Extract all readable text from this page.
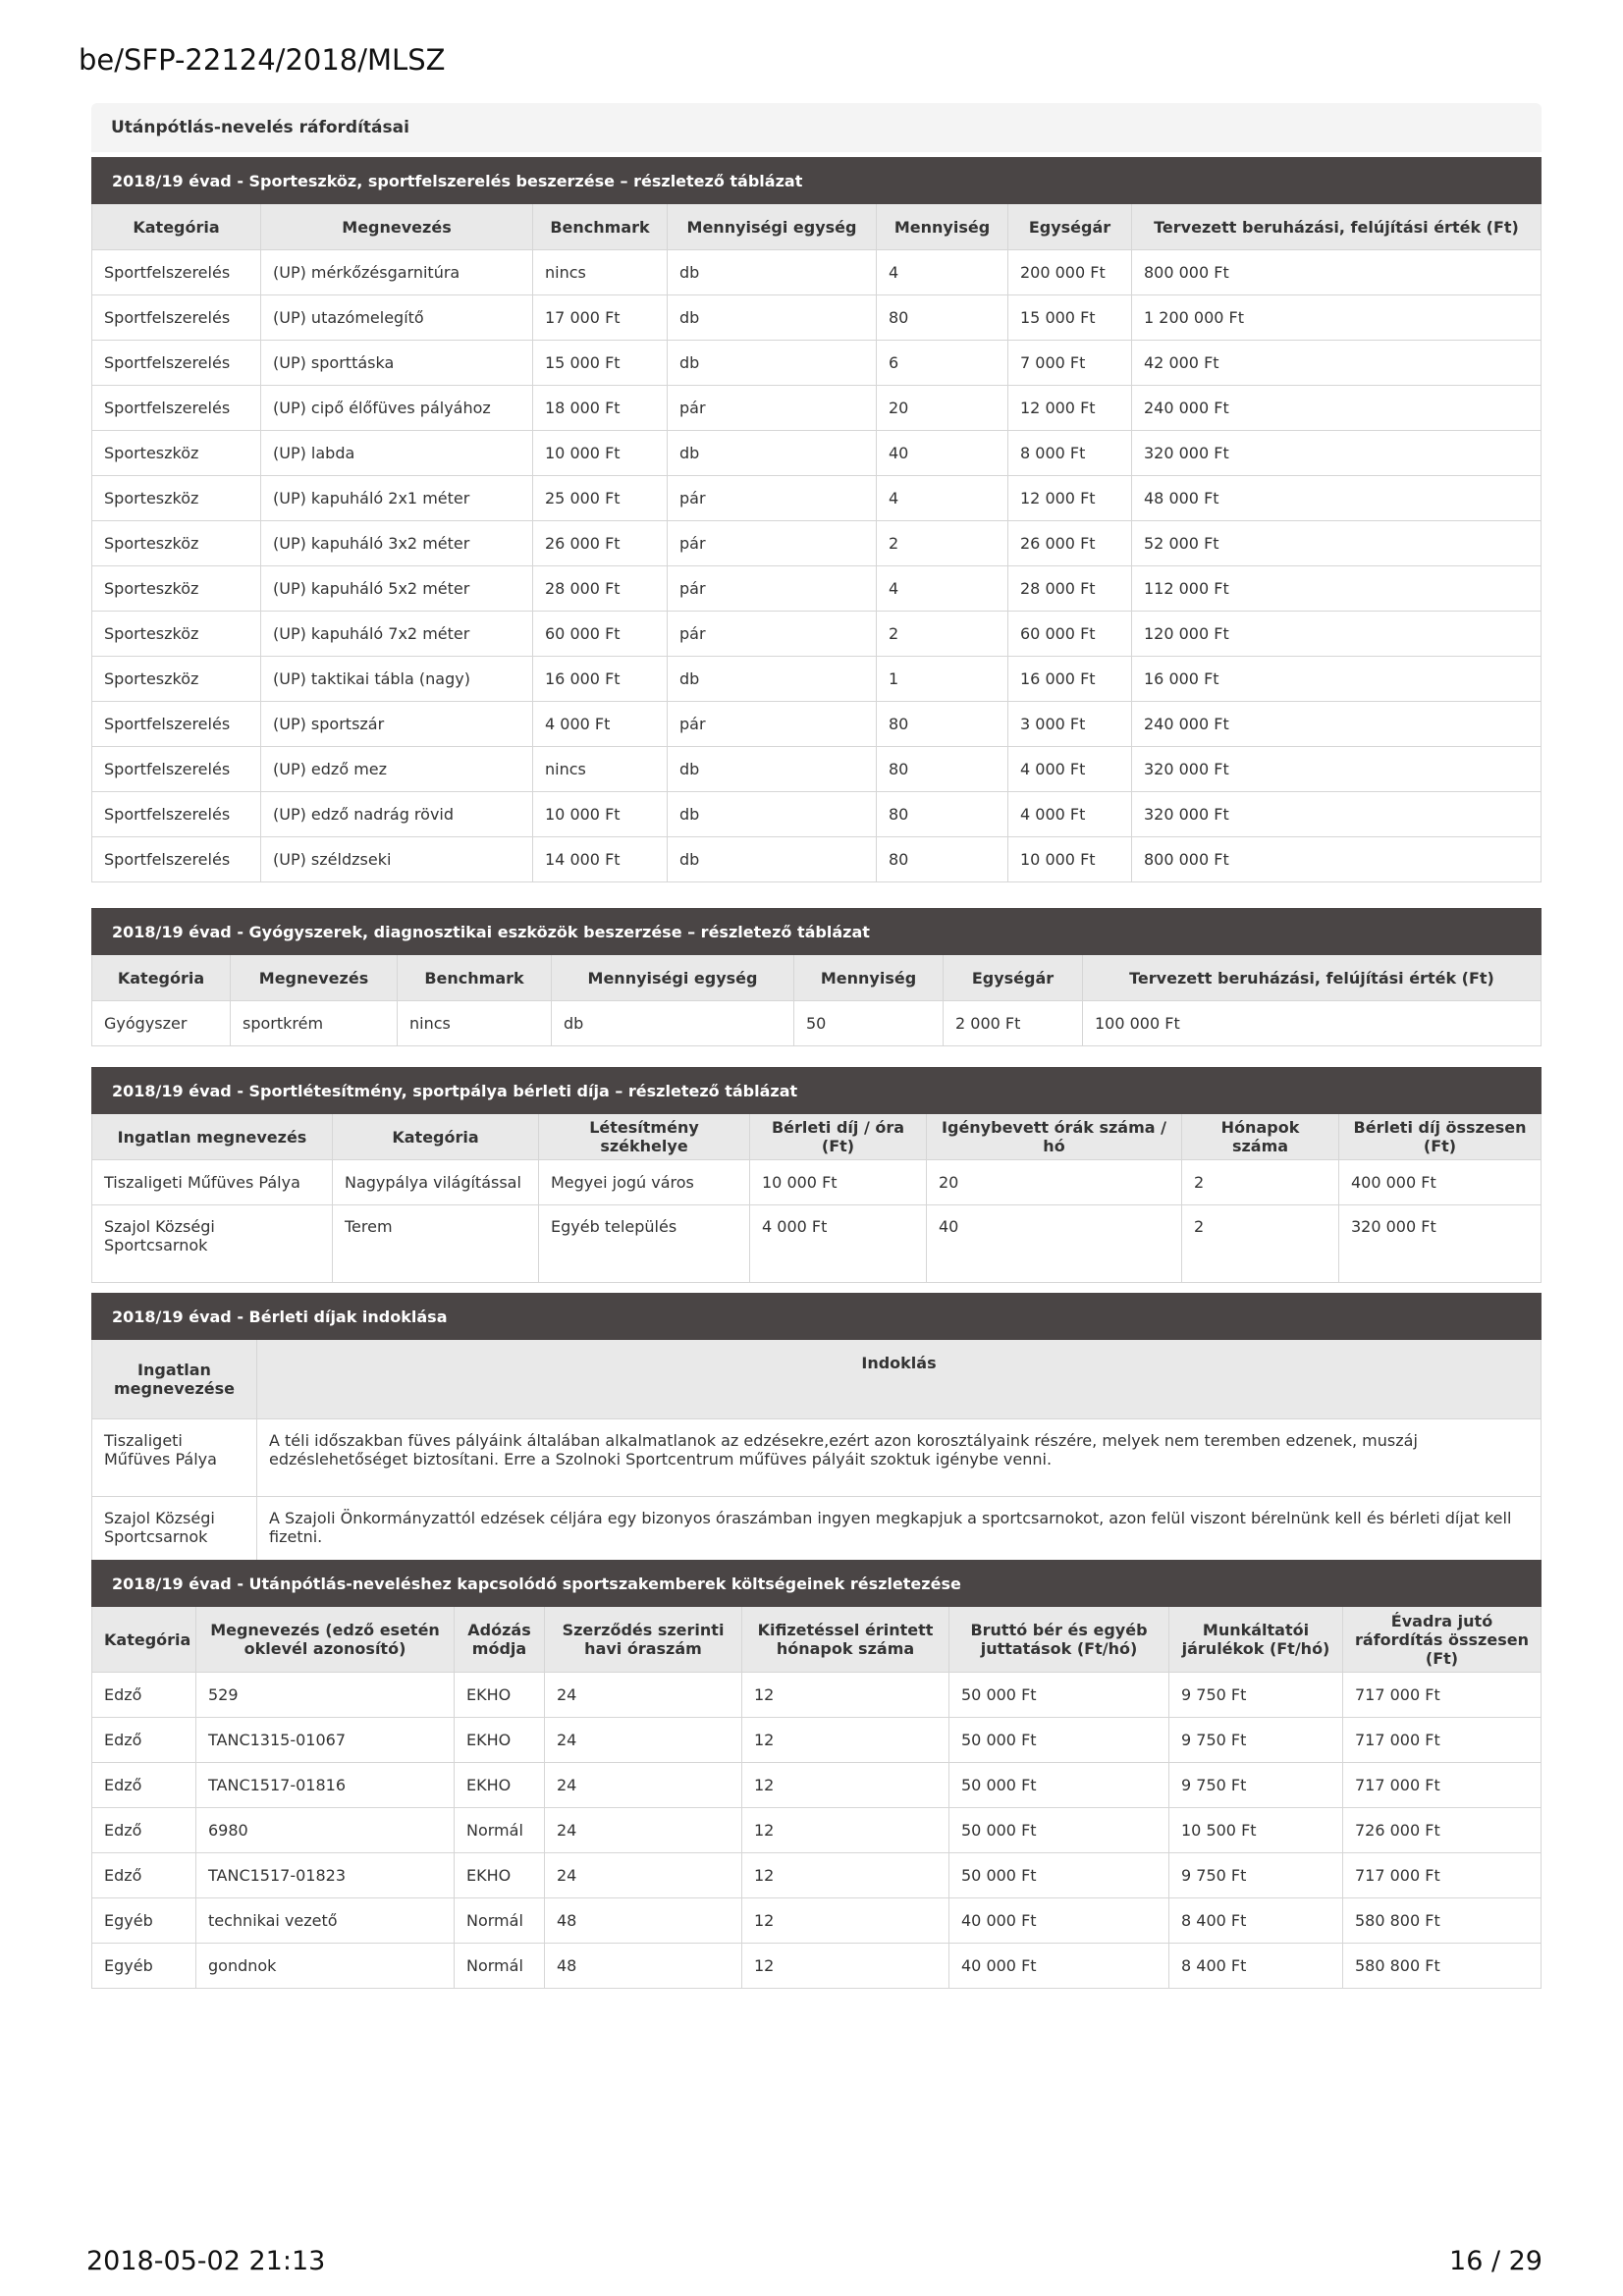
be/SFP-22124/2018/MLSZ
Utánpótlás-nevelés ráfordításai
2018/19 évad - Sporteszköz, sportfelszerelés beszerzése – részletező táblázat						
Kategória	Megnevezés	Benchmark	Mennyiségi egység	Mennyiség	Egységár	Tervezett beruházási, felújítási érték (Ft)
Sportfelszerelés	(UP) mérkőzésgarnitúra	nincs	db	4	200 000 Ft	800 000 Ft
Sportfelszerelés	(UP) utazómelegítő	17 000 Ft	db	80	15 000 Ft	1 200 000 Ft
Sportfelszerelés	(UP) sporttáska	15 000 Ft	db	6	7 000 Ft	42 000 Ft
Sportfelszerelés	(UP) cipő élőfüves pályához	18 000 Ft	pár	20	12 000 Ft	240 000 Ft
Sporteszköz	(UP) labda	10 000 Ft	db	40	8 000 Ft	320 000 Ft
Sporteszköz	(UP) kapuháló 2x1 méter	25 000 Ft	pár	4	12 000 Ft	48 000 Ft
Sporteszköz	(UP) kapuháló 3x2 méter	26 000 Ft	pár	2	26 000 Ft	52 000 Ft
Sporteszköz	(UP) kapuháló 5x2 méter	28 000 Ft	pár	4	28 000 Ft	112 000 Ft
Sporteszköz	(UP) kapuháló 7x2 méter	60 000 Ft	pár	2	60 000 Ft	120 000 Ft
Sporteszköz	(UP) taktikai tábla (nagy)	16 000 Ft	db	1	16 000 Ft	16 000 Ft
Sportfelszerelés	(UP) sportszár	4 000 Ft	pár	80	3 000 Ft	240 000 Ft
Sportfelszerelés	(UP) edző mez	nincs	db	80	4 000 Ft	320 000 Ft
Sportfelszerelés	(UP) edző nadrág rövid	10 000 Ft	db	80	4 000 Ft	320 000 Ft
Sportfelszerelés	(UP) széldzseki	14 000 Ft	db	80	10 000 Ft	800 000 Ft
2018/19 évad - Gyógyszerek, diagnosztikai eszközök beszerzése – részletező táblázat						
Kategória	Megnevezés	Benchmark	Mennyiségi egység	Mennyiség	Egységár	Tervezett beruházási, felújítási érték (Ft)
Gyógyszer	sportkrém	nincs	db	50	2 000 Ft	100 000 Ft
2018/19 évad - Sportlétesítmény, sportpálya bérleti díja – részletező táblázat						
Ingatlan megnevezés	Kategória	Létesítmény székhelye	Bérleti díj / óra (Ft)	Igénybevett órák száma / hó	Hónapok száma	Bérleti díj összesen (Ft)
Tiszaligeti Műfüves Pálya	Nagypálya világítással	Megyei jogú város	10 000 Ft	20	2	400 000 Ft
Szajol Községi Sportcsarnok	Terem	Egyéb település	4 000 Ft	40	2	320 000 Ft
2018/19 évad - Bérleti díjak indoklása	
Ingatlan megnevezése	Indoklás
Tiszaligeti Műfüves Pálya	A téli időszakban füves pályáink általában alkalmatlanok az edzésekre,ezért azon korosztályaink részére, melyek nem teremben edzenek, muszáj edzéslehetőséget biztosítani. Erre a Szolnoki Sportcentrum műfüves pályáit szoktuk igénybe venni.
Szajol Községi Sportcsarnok	A Szajoli Önkormányzattól edzések céljára egy bizonyos óraszámban ingyen megkapjuk a sportcsarnokot, azon felül viszont bérelnünk kell és bérleti díjat kell fizetni.
2018/19 évad - Utánpótlás-neveléshez kapcsolódó sportszakemberek költségeinek részletezése							
Kategória	Megnevezés (edző esetén oklevél azonosító)	Adózás módja	Szerződés szerinti havi óraszám	Kifizetéssel érintett hónapok száma	Bruttó bér és egyéb juttatások (Ft/hó)	Munkáltatói járulékok (Ft/hó)	Évadra jutó ráfordítás összesen (Ft)
Edző	529	EKHO	24	12	50 000 Ft	9 750 Ft	717 000 Ft
Edző	TANC1315-01067	EKHO	24	12	50 000 Ft	9 750 Ft	717 000 Ft
Edző	TANC1517-01816	EKHO	24	12	50 000 Ft	9 750 Ft	717 000 Ft
Edző	6980	Normál	24	12	50 000 Ft	10 500 Ft	726 000 Ft
Edző	TANC1517-01823	EKHO	24	12	50 000 Ft	9 750 Ft	717 000 Ft
Egyéb	technikai vezető	Normál	48	12	40 000 Ft	8 400 Ft	580 800 Ft
Egyéb	gondnok	Normál	48	12	40 000 Ft	8 400 Ft	580 800 Ft
2018-05-02 21:13	16 / 29
